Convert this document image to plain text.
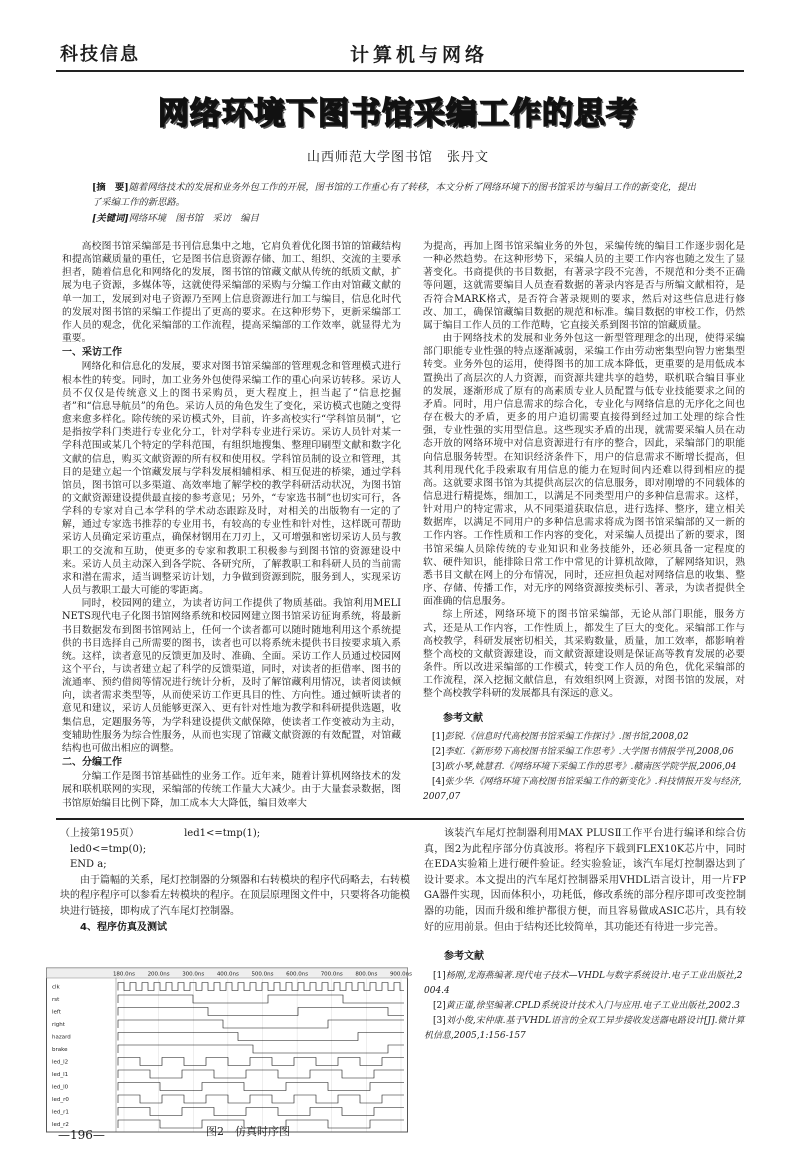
科技信息	计算机与网络
网络环境下图书馆采编工作的思考
山西师范大学图书馆　张丹文
[摘　要]随着网络技术的发展和业务外包工作的开展，图书馆的工作重心有了转移，本文分析了网络环境下的图书馆采访与编目工作的新变化，提出了采编工作的新思路。
[关键词]网络环境　图书馆　采访　编目

高校图书馆采编部是书刊信息集中之地，它肩负着优化图书馆的馆藏结构和提高馆藏质量的重任，它是图书信息资源存储、加工、组织、交流的主要承担者，随着信息化和网络化的发展，图书馆的馆藏文献从传统的纸质文献，扩展为电子资源，多媒体等，这就使得采编部的采购与分编工作由对馆藏文献的单一加工，发展到对电子资源乃至网上信息资源进行加工与编目，信息化时代的发展对图书馆的采编工作提出了更高的要求。在这种形势下，更新采编部工作人员的观念，优化采编部的工作流程，提高采编部的工作效率，就显得尤为重要。

一、采访工作

网络化和信息化的发展，要求对图书馆采编部的管理观念和管理模式进行根本性的转变。同时，加工业务外包使得采编工作的重心向采访转移。采访人员不仅仅是传统意义上的图书采购员，更大程度上，担当起了“信息挖掘者”和“信息导航员”的角色。采访人员的角色发生了变化，采访模式也随之变得愈来愈多样化。除传统的采访模式外，目前，许多高校实行“学科馆员制”，它是指按学科门类进行专业化分工，针对学科专业进行采访。采访人员针对某一学科范围或某几个特定的学科范围，有组织地搜集、整理印刷型文献和数字化文献的信息，购买文献资源的所有权和使用权。学科馆员制的设立和管理，其目的是建立起一个馆藏发展与学科发展相辅相承、相互促进的桥梁，通过学科馆员，图书馆可以多渠道、高效率地了解学校的教学科研活动状况，为图书馆的文献资源建设提供最直接的参考意见；另外，“专家选书制”也切实可行，各学科的专家对自己本学科的学术动态跟踪及时，对相关的出版物有一定的了解，通过专家选书推荐的专业用书，有较高的专业性和针对性，这样既可帮助采访人员确定采访重点，确保材钢用在刀刃上，又可增强和密切采访人员与教职工的交流和互助，使更多的专家和教职工积极参与到图书馆的资源建设中来。采访人员主动深入到各学院、各研究所，了解教职工和科研人员的当前需求和潜在需求，适当调整采访计划，力争做到资源到院，服务到人，实现采访人员与教职工最大可能的零距离。

同时，校园网的建立，为读者访问工作提供了物质基础。我馆利用MELINETS现代电子化图书馆网络系统和校园网建立图书馆采访征询系统，将最新书目数据发布到图书馆网站上，任何一个读者都可以随时随地利用这个系统提供的书目选择自己所需要的图书，读者也可以将系统未提供书目按要求填入系统。这样，读者意见的反馈更加及时、准确、全面。采访工作人员通过校园网这个平台，与读者建立起了科学的反馈渠道，同时，对读者的拒借率、图书的流通率、预约借阅等情况进行统计分析，及时了解馆藏利用情况，读者阅读倾向，读者需求类型等，从而使采访工作更具目的性、方向性。通过倾听读者的意见和建议，采访人员能够更深入、更有针对性地为教学和科研提供选题，收集信息，定题服务等，为学科建设提供文献保障，使读者工作变被动为主动，变辅助性服务为综合性服务，从而也实现了馆藏文献资源的有效配置，对馆藏结构也可做出相应的调整。

二、分编工作

分编工作是图书馆基础性的业务工作。近年来，随着计算机网络技术的发展和联机联网的实现，采编部的传统工作量大大减少。由于大量套录数据，图书馆原始编目比例下降，加工成本大大降低，编目效率大

为提高，再加上图书馆采编业务的外包，采编传统的编目工作逐步弱化是一种必然趋势。在这种形势下，采编人员的主要工作内容也随之发生了显著变化。书商提供的书目数据，有著录字段不完善，不规范和分类不正确等问题，这就需要编目人员查看数据的著录内容是否与所编文献相符，是否符合MARK格式，是否符合著录规则的要求，然后对这些信息进行修改、加工，确保馆藏编目数据的规范和标准。编目数据的审校工作，仍然属于编目工作人员的工作范畴，它直接关系到图书馆的馆藏质量。

由于网络技术的发展和业务外包这一新型管理理念的出现，使得采编部门职能专业性强的特点逐渐减弱，采编工作由劳动密集型向智力密集型转变。业务外包的运用，使得图书的加工成本降低，更重要的是用低成本置换出了高层次的人力资源，而资源共建共享的趋势，联机联合编目事业的发展，逐渐形成了原有的高素质专业人员配置与低专业技能要求之间的矛盾。同时，用户信息需求的综合化，专业化与网络信息的无序化之间也存在极大的矛盾，更多的用户追切需要直接得到经过加工处理的综合性强，专业性强的实用型信息。这些现实矛盾的出现，就需要采编人员在动态开放的网络环境中对信息资源进行有序的整合，因此，采编部门的职能向信息服务转型。在知识经济条件下，用户的信息需求不断增长提高，但其利用现代化手段索取有用信息的能力在短时间内还难以得到相应的提高。这就要求图书馆为其提供高层次的信息服务，即对刚增的不同载体的信息进行精提炼，细加工，以满足不同类型用户的多种信息需求。这样，针对用户的特定需求，从不同渠道获取信息，进行选择、整序，建立相关数据库，以满足不同用户的多种信息需求将成为图书馆采编部的又一新的工作内容。工作性质和工作内容的变化，对采编人员提出了新的要求，图书馆采编人员除传统的专业知识和业务技能外，还必须具备一定程度的软、硬件知识，能排除日常工作中常见的计算机故障，了解网络知识，熟悉书目文献在网上的分布情况，同时，还应担负起对网络信息的收集、整序、存储、传播工作，对无序的网络资源按类标引、著录，为读者提供全面准确的信息服务。

综上所述，网络环境下的图书馆采编部，无论从部门职能，服务方式，还是从工作内容，工作性质上，都发生了巨大的变化。采编部工作与高校教学，科研发展密切相关，其采购数量，质量，加工效率，都影响着整个高校的文献资源建设，而文献资源建设则是保证高等教育发展的必要条件。所以改进采编部的工作模式，转变工作人员的角色，优化采编部的工作流程，深入挖掘文献信息，有效组织网上资源，对图书馆的发展，对整个高校教学科研的发展都具有深远的意义。

参考文献
　[1]彭锐.《信息时代高校图书馆采编工作探讨》.图书馆,2008,02
　[2]李虹.《新形势下高校图书馆采编工作思考》.大学图书情报学刊,2008,06
　[3]欧小琴,姚慧君.《网络环境下采编工作的思考》.赣南医学院学报,2006,04
　[4]张少华.《网络环境下高校图书馆采编工作的新变化》.科技情报开发与经济,2007,07
（上接第195页）　　　　　led1<=tmp(1);
　led0<=tmp(0);
　END a;

由于篇幅的关系，尾灯控制器的分频器和右转模块的程序代码略去，右转模块的程序程序可以参看左转模块的程序。在顶层原理图文件中，只要将各功能模块进行链接，即构成了汽车尾灯控制器。

4、程序仿真及测试

180.0ns 200.0ns 300.0ns 400.0ns 500.0ns 600.0ns 700.0ns 800.0ns 900.0ns
clk
rst
left
right
hazard
brake
led_l2
led_l1
led_l0
led_r0
led_r1
led_r2	图2　仿真时序图
—196—

该装汽车尾灯控制器利用MAX PLUSⅡ工作平台进行编译和综合仿真，图2为此程序部分仿真波形。将程序下载到FLEX10K芯片中，同时在EDA实验箱上进行硬件验证。经实验验证，该汽车尾灯控制器达到了设计要求。本文提出的汽车尾灯控制器采用VHDL语言设计，用一片FPGA器件实现，因而体积小，功耗低，修改系统的部分程序即可改变控制器的功能，因而升级和维护都很方便，而且容易做成ASIC芯片，具有较好的应用前景。但由于结构还比较简单，其功能还有待进一步完善。

参考文献
　[1]杨刚,龙海燕编著.现代电子技术—VHDL与数字系统设计.电子工业出版社,2004.4
　[2]黄正谨,徐坚编著.CPLD系统设计技术入门与应用.电子工业出版社,2002.3
　[3]刘小俊,宋仲康.基于VHDL语言的全双工异步接收发送器电路设计[J].微计算机信息,2005,1:156-157
